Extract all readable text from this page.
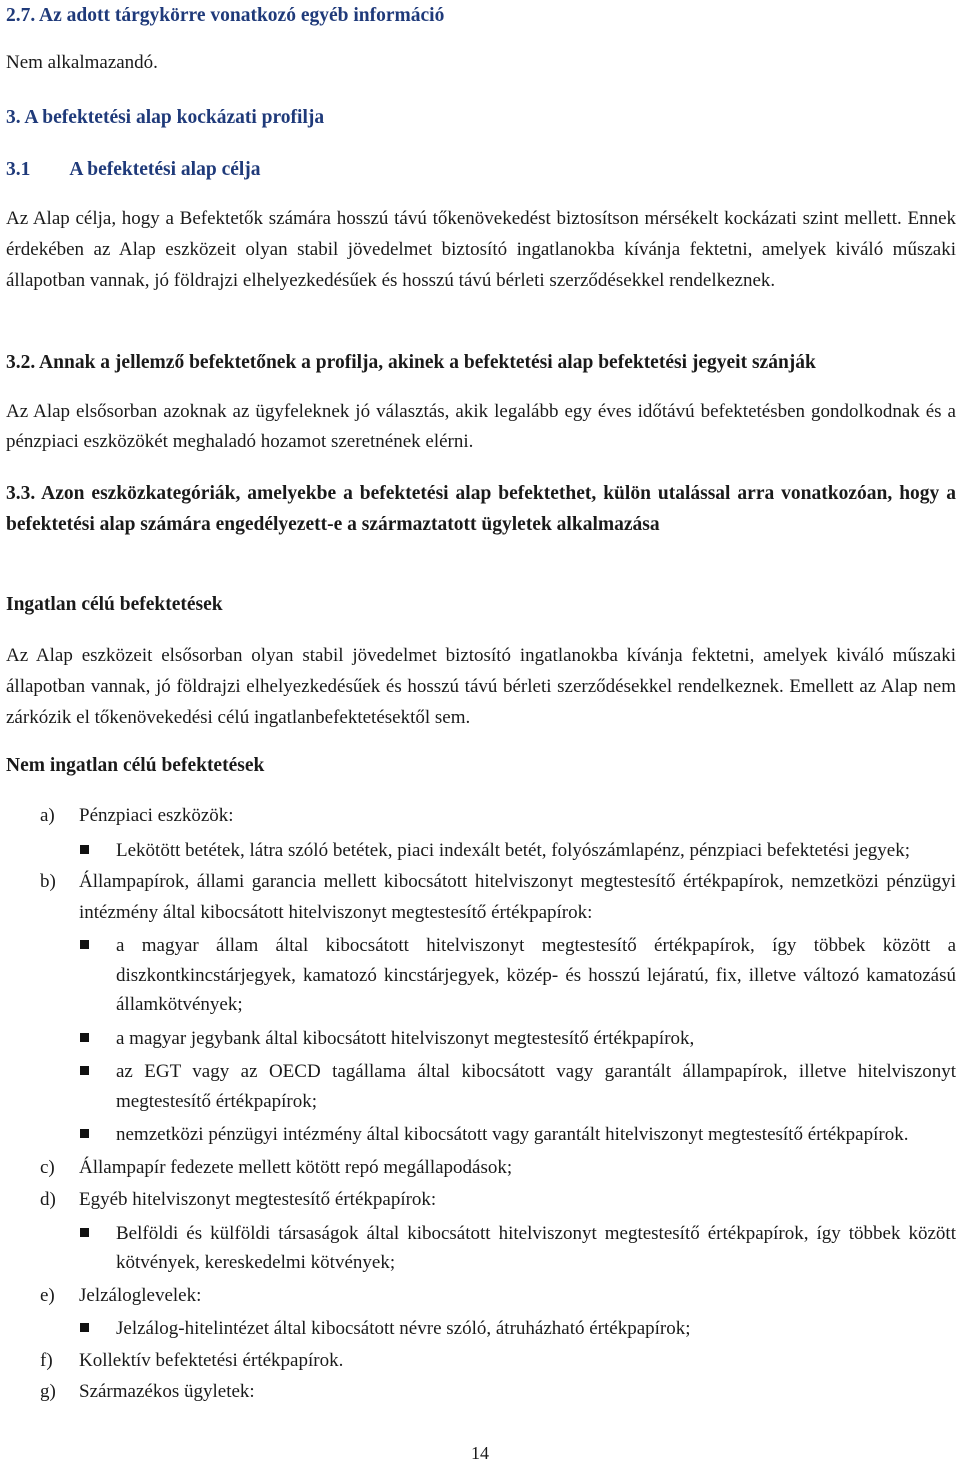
2.7. Az adott tárgykörre vonatkozó egyéb információ

Nem alkalmazandó.

3. A befektetési alap kockázati profilja
3.1        A befektetési alap célja

Az Alap célja, hogy a Befektetők számára hosszú távú tőkenövekedést biztosítson mérsékelt kockázati szint mellett. Ennek érdekében az Alap eszközeit olyan stabil jövedelmet biztosító ingatlanokba kívánja fektetni, amelyek kiváló műszaki állapotban vannak, jó földrajzi elhelyezkedésűek és hosszú távú bérleti szerződésekkel rendelkeznek.

3.2. Annak a jellemző befektetőnek a profilja, akinek a befektetési alap befektetési jegyeit szánják

Az Alap elsősorban azoknak az ügyfeleknek jó választás, akik legalább egy éves időtávú befektetésben gondolkodnak és a pénzpiaci eszközökét meghaladó hozamot szeretnének elérni.

3.3. Azon eszközkategóriák, amelyekbe a befektetési alap befektethet, külön utalással arra vonatkozóan, hogy a befektetési alap számára engedélyezett-e a származtatott ügyletek alkalmazása
Ingatlan célú befektetések

Az Alap eszközeit elsősorban olyan stabil jövedelmet biztosító ingatlanokba kívánja fektetni, amelyek kiváló műszaki állapotban vannak, jó földrajzi elhelyezkedésűek és hosszú távú bérleti szerződésekkel rendelkeznek. Emellett az Alap nem zárkózik el tőkenövekedési célú ingatlanbefektetésektől sem.

Nem ingatlan célú befektetések
a) Pénzpiaci eszközök:
Lekötött betétek, látra szóló betétek, piaci indexált betét, folyószámlapénz, pénzpiaci befektetési jegyek;
b) Állampapírok, állami garancia mellett kibocsátott hitelviszonyt megtestesítő értékpapírok, nemzetközi pénzügyi intézmény által kibocsátott hitelviszonyt megtestesítő értékpapírok:
a magyar állam által kibocsátott hitelviszonyt megtestesítő értékpapírok, így többek között a diszkontkincstárjegyek, kamatozó kincstárjegyek, közép- és hosszú lejáratú, fix, illetve változó kamatozású államkötvények;
a magyar jegybank által kibocsátott hitelviszonyt megtestesítő értékpapírok,
az EGT vagy az OECD tagállama által kibocsátott vagy garantált állampapírok, illetve hitelviszonyt megtestesítő értékpapírok;
nemzetközi pénzügyi intézmény által kibocsátott vagy garantált hitelviszonyt megtestesítő értékpapírok.
c) Állampapír fedezete mellett kötött repó megállapodások;
d) Egyéb hitelviszonyt megtestesítő értékpapírok:
Belföldi és külföldi társaságok által kibocsátott hitelviszonyt megtestesítő értékpapírok, így többek között kötvények, kereskedelmi kötvények;
e) Jelzáloglevelek:
Jelzálog-hitelintézet által kibocsátott névre szóló, átruházható értékpapírok;
f) Kollektív befektetési értékpapírok.
g) Származékos ügyletek:
14
